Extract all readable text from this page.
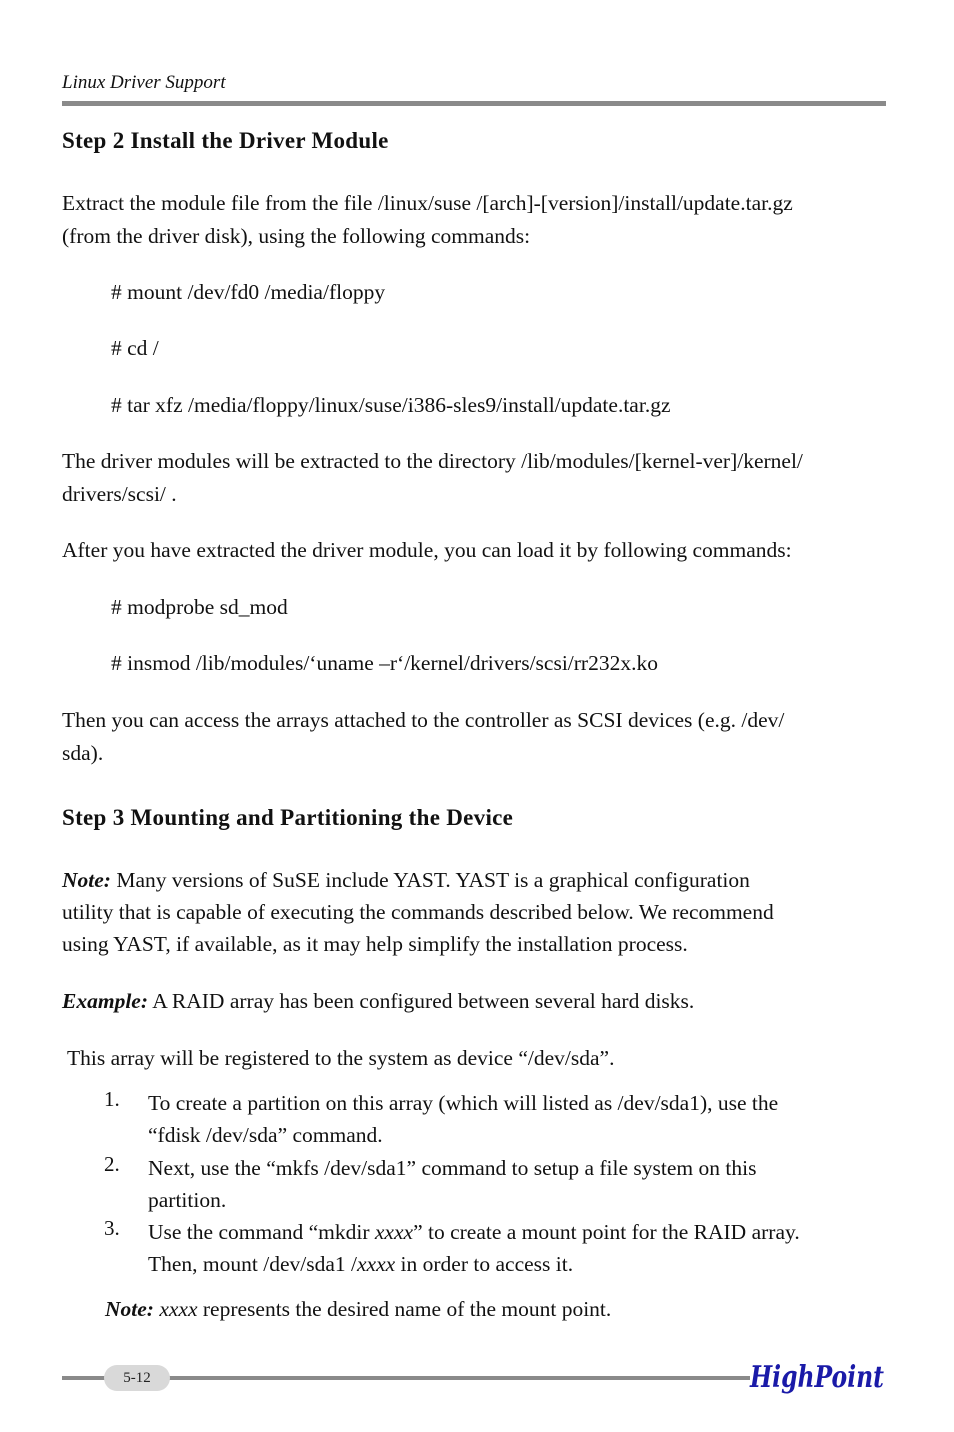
Linux Driver Support
Step 2 Install the Driver Module
Extract the module file from the file /linux/suse /[arch]-[version]/install/update.tar.gz
(from the driver disk), using the following commands:
# mount /dev/fd0 /media/floppy
# cd /
# tar xfz /media/floppy/linux/suse/i386-sles9/install/update.tar.gz
The driver modules will be extracted to the directory /lib/modules/[kernel-ver]/kernel/
drivers/scsi/ .
After you have extracted the driver module, you can load it by following commands:
# modprobe sd_mod
# insmod /lib/modules/‘uname –r‘/kernel/drivers/scsi/rr232x.ko
Then you can access the arrays attached to the controller as SCSI devices (e.g. /dev/
sda).
Step 3 Mounting and Partitioning the Device
Note: Many versions of SuSE include YAST. YAST is a graphical configuration
utility that is capable of executing the commands described below. We recommend
using YAST, if available, as it may help simplify the installation process.
Example: A RAID array has been configured between several hard disks.
This array will be registered to the system as device “/dev/sda”.
1. To create a partition on this array (which will listed as /dev/sda1), use the
“fdisk /dev/sda” command.
2. Next, use the “mkfs /dev/sda1” command to setup a file system on this
partition.
3. Use the command “mkdir xxxx” to create a mount point for the RAID array.
Then, mount /dev/sda1 /xxxx in order to access it.
Note: xxxx represents the desired name of the mount point.
5-12	HighPoint
